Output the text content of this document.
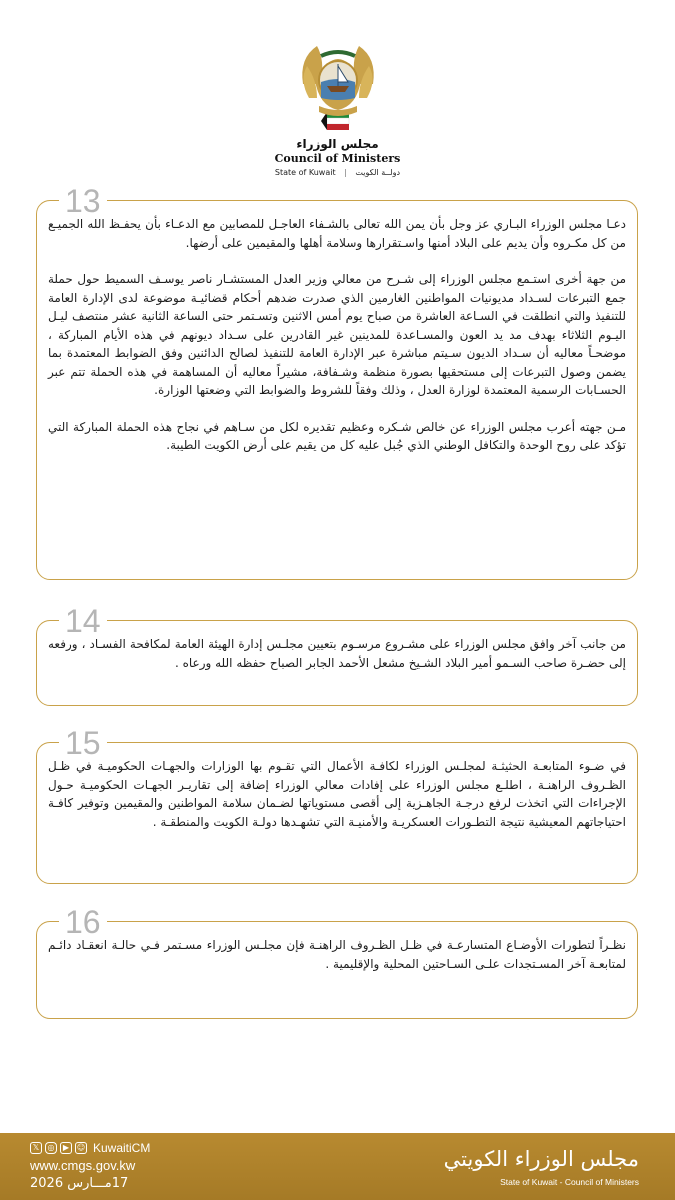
مجلس الوزراء
Council of Ministers
State of Kuwait | دولــة الكويت
13

دعـا مجلس الوزراء البـاري عز وجل بأن يمن الله تعالى بالشـفاء العاجـل للمصابين مع الدعـاء بأن يحفـظ الله الجميـع من كل مكـروه وأن يديم على البلاد أمنها واسـتقرارها وسلامة أهلها والمقيمين على أرضها.

من جهة أخرى استـمع مجلس الوزراء إلى شـرح من معالي وزير العدل المستشـار ناصر يوسـف السميط حول حملة جمع التبرعات لسـداد مديونيات المواطنين الغارمين الذي صدرت ضدهم أحكام قضائيـة موضوعة لدى الإدارة العامة للتنفيذ والتي انطلقت في السـاعة العاشرة من صباح يوم أمس الاثنين وتسـتمر حتى الساعة الثانية عشر منتصف ليـل اليـوم الثلاثاء بهدف مد يد العون والمسـاعدة للمدينين غير القادرين على سـداد ديونهم في هذه الأيام المباركة ، موضحـاً معاليه أن سـداد الديون سـيتم مباشرة عبر الإدارة العامة للتنفيذ لصالح الدائنين وفق الضوابط المعتمدة بما يضمن وصول التبرعات إلى مستحقيها بصورة منظمة وشـفافة، مشيراً معاليه أن المساهمة في هذه الحملة تتم عبر الحسـابات الرسمية المعتمدة لوزارة العدل ، وذلك وفقاً للشروط والضوابط التي وضعتها الوزارة.

مـن جهته أعرب مجلس الوزراء عن خالص شـكره وعظيم تقديره لكل من سـاهم في نجاح هذه الحملة المباركة التي تؤكد على روح الوحدة والتكافل الوطني الذي جُبل عليه كل من يقيم على أرض الكويت الطيبة.

14

من جانب آخر وافق مجلس الوزراء على مشـروع مرسـوم بتعيين مجلـس إدارة الهيئة العامة لمكافحة الفسـاد ، ورفعه إلى حضـرة صاحب السـمو أمير البلاد الشـيخ مشعل الأحمد الجابر الصباح حفظه الله ورعاه .

15

في ضـوء المتابعـة الحثيثـة لمجلـس الوزراء لكافـة الأعمال التي تقـوم بها الوزارات والجهـات الحكوميـة في ظـل الظـروف الراهنـة ، اطلـع مجلس الوزراء على إفادات معالي الوزراء إضافة إلى تقاريـر الجهـات الحكوميـة حـول الإجراءات التي اتخذت لرفع درجـة الجاهـزية إلى أقصى مستوياتها لضـمان سلامة المواطنين والمقيمين وتوفير كافـة احتياجاتهم المعيشية نتيجة التطـورات العسكريـة والأمنيـة التي تشهـدها دولـة الكويت والمنطقـة .

16

نظـراً لتطورات الأوضـاع المتسارعـة في ظـل الظـروف الراهنـة فإن مجلـس الوزراء مسـتمر فـي حالـة انعقـاد دائـم لمتابعـة آخر المسـتجدات علـى السـاحتين المحلية والإقليمية .

𝕏	◎	▶ ☺ KuwaitiCM
www.cmgs.gov.kw
17مـــارس 2026
مجلس الوزراء الكويتي
State of Kuwait - Council of Ministers
